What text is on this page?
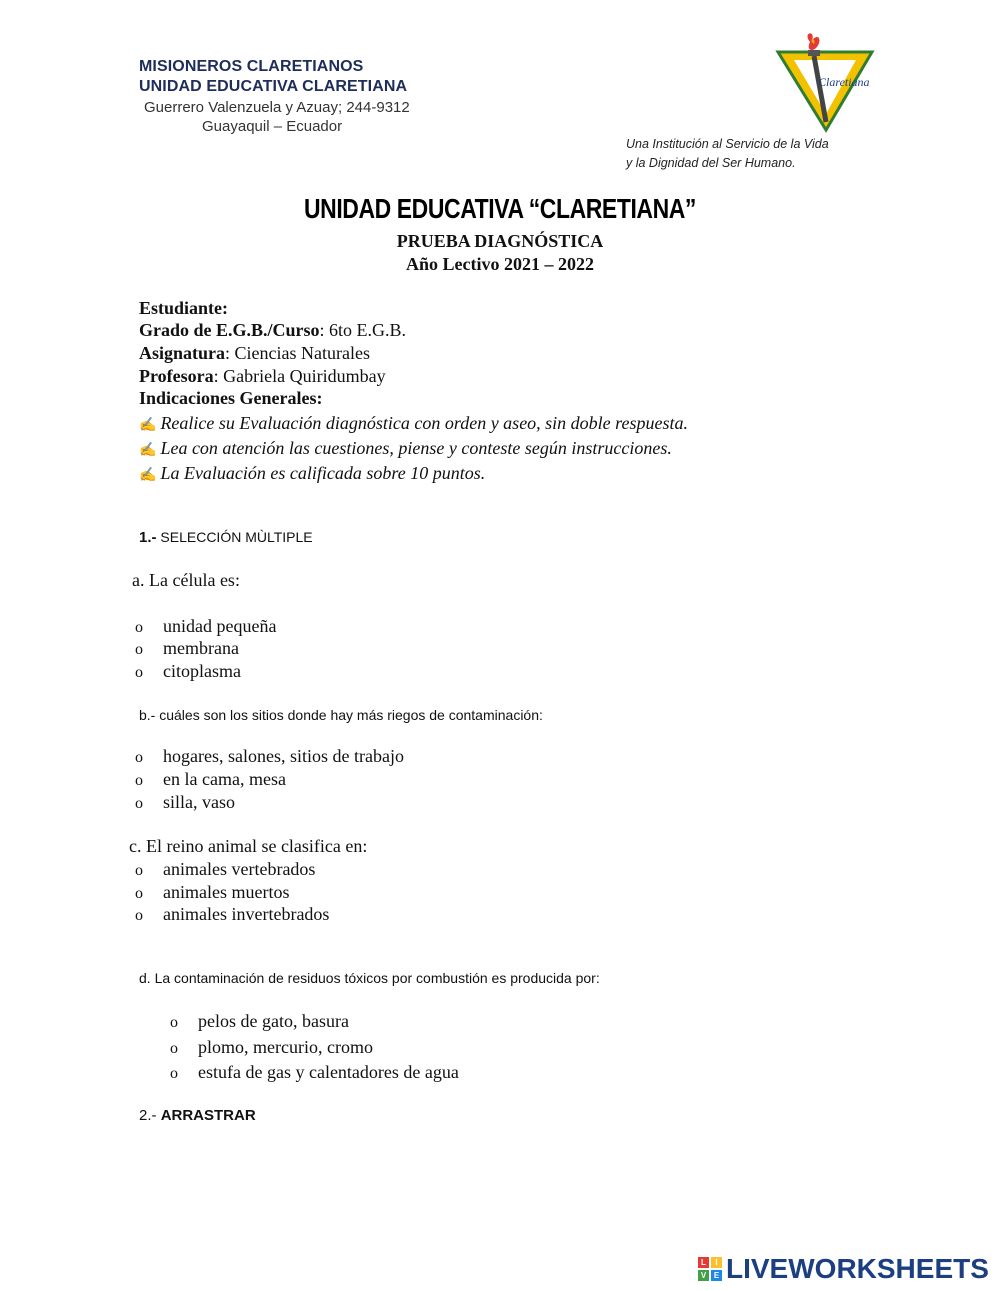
MISIONEROS CLARETIANOS
UNIDAD EDUCATIVA CLARETIANA
Guerrero Valenzuela y Azuay; 244-9312
Guayaquil – Ecuador
Claretiana
Una Institución al Servicio de la Vida
y la Dignidad del Ser Humano.
UNIDAD EDUCATIVA “CLARETIANA”
PRUEBA DIAGNÓSTICA
Año Lectivo 2021 – 2022
Estudiante:
Grado de E.G.B./Curso: 6to E.G.B.
Asignatura: Ciencias Naturales
Profesora: Gabriela Quiridumbay
Indicaciones Generales:
✍ Realice su Evaluación diagnóstica con orden y aseo, sin doble respuesta.
✍ Lea con atención las cuestiones, piense y conteste según instrucciones.
✍ La Evaluación es calificada sobre 10 puntos.
1.- SELECCIÓN MÙLTIPLE
a. La célula es:
o unidad pequeña
o membrana
o citoplasma
b.- cuáles son los sitios donde hay más riegos de contaminación:
o hogares, salones, sitios de trabajo
o en la cama, mesa
o silla, vaso
c. El reino animal se clasifica en:
o animales vertebrados
o animales muertos
o animales invertebrados
d. La contaminación de residuos tóxicos por combustión es producida por:
o pelos de gato, basura
o plomo, mercurio, cromo
o estufa de gas y calentadores de agua
2.- ARRASTRAR
L	I
V E LIVEWORKSHEETS
